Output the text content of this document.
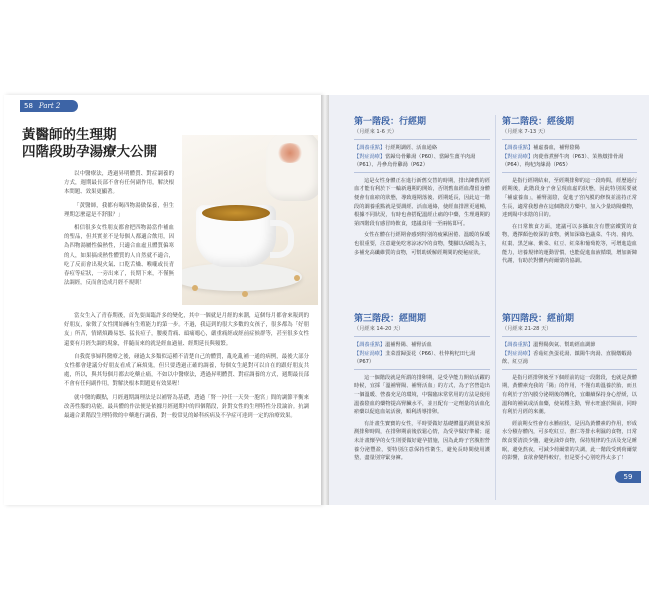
58 Part 2
黃醫師的生理期
四階段助孕湯療大公開

以中醫療法，透過昇明體質、對症調養的方式，週期最長部不會有任何副作用，解決根本問題、效果更顯著。

「黃醫師，我都有喝四物湯做保養，但生理期怎麼還是不舒服？」

相信很多女性朋友都會把四物湯當作補血的聖品，但其實並不是每個人都適合飲用，因為四物湯屬性偏熱性，只適合血虛且體質偏寒的人，如果搞成熱性體質的人自然就不適合，吃了反而會出現火氣、口乾舌燥、喉嚨或長青春痘等症狀，一旁出來了，長期下來，不僅無法調經，反而會造成月經不規則！

當女生入了青春期後，首先要面臨許多的變化，其中一個就是月經的來潮，這個每月都會來報到的好朋友，象徵了女性開始擁有生殖能力的第一步。不過，我這到的很大多數的女孩子，很多都為「好朋友」所苦，情緒煩躁易怒、猛長痘子，腰痠背痛、頭痛噁心，嚴重痛經或經前症候群等，甚至很多女性還要有月經失調的現象，伴隨而來的就是經血過量、經期延長與頻繁。

自我從事婦科醫療之後，碰過太多類似這種不清楚自己的體質，亂吃亂補一通的病例，最後大部分女性都會建議分好朋友看成了麻煩鬼，但只要透過正確的調養，每個女生絕對可以自在的跟好朋友共處，所以，與其每個月都去吃藥止痛，不如以中醫療法，透過昇明體質、對症調養的方式，週期最長部不會有任何副作用，對解決根本問題更有效果喔！

就中醫的觀點，月經週期調理法是以補腎為基礎，透過「腎一沖任一天癸一胞宮」間的調節平衡來改善性腺的功能，最具體的作法便是依據月經週期中的四個階段，針對女性的生理特性分段論治。抗調最適合業階段生理特徵的中藥進行調養，對一般常見的婦科疾病及不孕症可達到一定的治療效果。

59
第一階段：行經期
（月經來 1-6 天）
【調養重點】行經期調經、活血通絡
【對症湯療】當歸烏骨雞湯（P60）、當歸生薑羊肉湯（P61）、丹參烏骨雞湯（P62）

這是女性身體正在進行新舊交替的時期，排出陳舊的經血才能有利於下一輪新週期的開始，否則舊血經血滯留身體便會有血瘀的狀態，導致週期落後、經期延長，因此這一階段的調養重點就是要調經、活血通絡，使經血排泄更通暢，根據不同狀況，有時也會搭配溫經止痛的中藥，生理週期的第四階段有感冒時飲食，建議食用一至兩帖即可。

女性在體在行經期會感到特別的疲累困倦、溫暖的保暖也很重要，注意避免吃寒涼冰冷的食物，雙腳以保暖為主，多補充高纖維質的食物，可幫助緩解經期間的便秘症狀。

第二階段：經後期
（月經來 7-13 天）
【調養重點】補虛養血，補腎陰陽
【對症湯療】肉蓯蓉煮鮮牛肉（P63）、茉熟燉排骨湯（P64）、枸杞肉絲湯（P65）

是指行經期結束，至經期排卵的這一段時間，經歷過行經期後，此階段身子會呈現血虛的狀態，因此特別需要就「補虛養血」，補腎滋陰，促進子宮內膜的修復並滋持正常生長，適常我想會在這個階段方藥中，加入少量助陽藥物，達到陽中求陰的目的。

在日常飲食方面，建議可以多攝取含有豐富鐵質的食物，選擇顏色較深的食物，例如深綠色蔬菜、牛肉、豬肉、紅棗、黑芝麻、紫菜、紅豆、紅菜和葡萄乾等，可增進造血能力，培養規律的運動習慣，也能促進血液循環，增加新陳代謝，有助於對體內荷爾蒙的協調。

第三階段：經間期
（月經來 14-20 天）
【調養重點】溫補腎陽、補腎活血
【對症湯療】韭菜當歸蛋花（P66）、杜仲枸杞田七湯（P67）

這一個階段就是所謂的排卵期，是受孕能力開始活躍的時候，宜採「溫補腎陽、補腎活血」的方式，為子宮營造出一個溫暖、營養充足的環境，中醫臨床常常用的方法是使用溫養陰血的藥物提高腎臟水平，並且配有一定劑量的活血化瘀藥以促進血氣活潑，順利誘導排卵。

有計畫生寶寶的女性，平時要做好基礎體溫的測量來預測排卵時間，在排卵期前後放鬆心情，為受孕做好準備；還未計畫懷孕的女生則要做好避孕措施，因為此時子宮腹腔營養分泌豐盈，要特別注意保持性衛生，避免長時間使用護墊，盡量別穿緊身褲。

第四階段：經前期
（月經來 21-28 天）
【調養重點】溫腎陽與氣、幫助經血調節
【對症湯療】香菇紅魚蛋花湯、鎮陽牛肉湯、直腸燉蝦湯飲、紅豆湯

是指月經排卵後至下個經前的這一段階段，也就是黃體期，黃體素充我的「陽」的作用，不僅有助溫養於胎，而且有利於子宮內膜分泌期後的轉化，宜繼續保持身心舒緩，以溫和的補氣或活血藥，使氣穩主動，腎水旺盛於陽前，同時有利於月經的來潮。

經前期女性會有水腫症狀，是因為黃體素的作用，形成水分積存體內，可多吃紅豆、薏仁等排水利濕的食物，日常飲食要清淡少鹽，避免油炸食物，保持規律的生活及充足睡眠，避免熬夜，可減少荷爾蒙的失調，此一階段受到荷爾蒙的影響，食欲會變得較好，但是要小心別吃得太多了！
